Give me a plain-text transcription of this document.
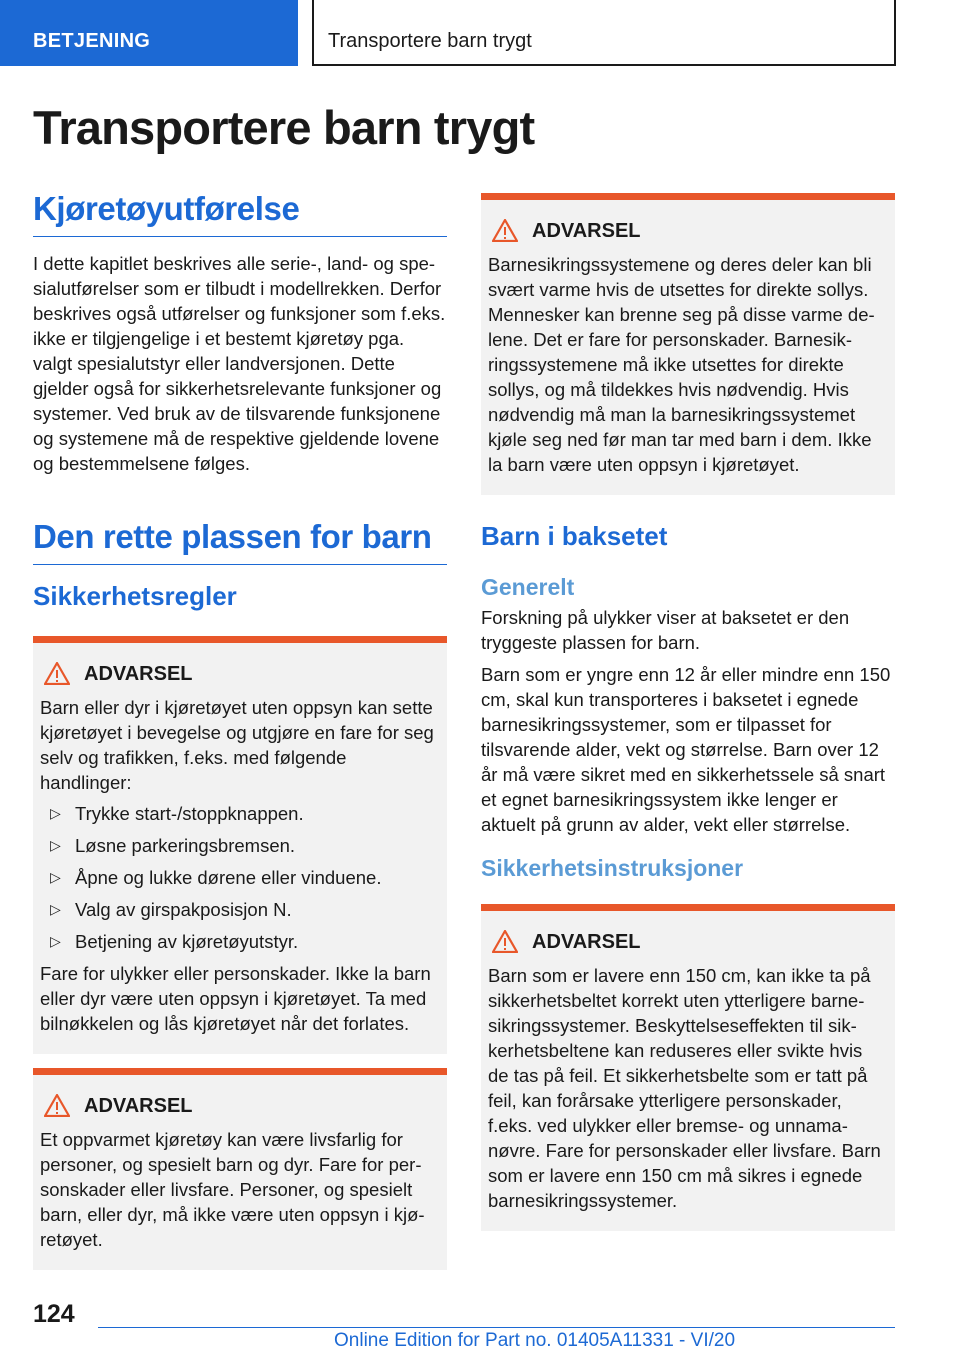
BETJENING	Transportere barn trygt
Transportere barn trygt
Kjøretøyutførelse

I dette kapitlet beskrives alle serie-, land- og spesialutførelser som er tilbudt i modellrekken. Derfor beskrives også utførelser og funksjoner som f.eks. ikke er tilgjengelige i et bestemt kjøretøy pga. valgt spesialutstyr eller landversjonen. Dette gjelder også for sikkerhetsrelevante funksjoner og systemer. Ved bruk av de tilsvarende funksjonene og systemene må de respektive gjeldende lovene og bestemmelsene følges.

Den rette plassen for barn
Sikkerhetsregler
ADVARSEL

Barn eller dyr i kjøretøyet uten oppsyn kan sette kjøretøyet i bevegelse og utgjøre en fare for seg selv og trafikken, f.eks. med følgende handlinger:

▷ Trykke start-/stoppknappen.
▷ Løsne parkeringsbremsen.
▷ Åpne og lukke dørene eller vinduene.
▷ Valg av girspakposisjon N.
▷ Betjening av kjøretøyutstyr.

Fare for ulykker eller personskader. Ikke la barn eller dyr være uten oppsyn i kjøretøyet. Ta med bilnøkkelen og lås kjøretøyet når det forlates.

ADVARSEL

Et oppvarmet kjøretøy kan være livsfarlig for personer, og spesielt barn og dyr. Fare for personskader eller livsfare. Personer, og spesielt barn, eller dyr, må ikke være uten oppsyn i kjøretøyet.

ADVARSEL

Barnesikringssystemene og deres deler kan bli svært varme hvis de utsettes for direkte sollys. Mennesker kan brenne seg på disse varme delene. Det er fare for personskader. Barnesikringssystemene må ikke utsettes for direkte sollys, og må tildekkes hvis nødvendig. Hvis nødvendig må man la barnesikringssystemet kjøle seg ned før man tar med barn i dem. Ikke la barn være uten oppsyn i kjøretøyet.

Barn i baksetet
Generelt

Forskning på ulykker viser at baksetet er den tryggeste plassen for barn.

Barn som er yngre enn 12 år eller mindre enn 150 cm, skal kun transporteres i baksetet i egnede barnesikringssystemer, som er tilpasset for tilsvarende alder, vekt og størrelse. Barn over 12 år må være sikret med en sikkerhetssele så snart et egnet barnesikringssystem ikke lenger er aktuelt på grunn av alder, vekt eller størrelse.

Sikkerhetsinstruksjoner
ADVARSEL

Barn som er lavere enn 150 cm, kan ikke ta på sikkerhetsbeltet korrekt uten ytterligere barnesikringssystemer. Beskyttelseseffekten til sikkerhetsbeltene kan reduseres eller svikte hvis de tas på feil. Et sikkerhetsbelte som er tatt på feil, kan forårsake ytterligere personskader, f.eks. ved ulykker eller bremse- og unnamanøvre. Fare for personskader eller livsfare. Barn som er lavere enn 150 cm må sikres i egnede barnesikringssystemer.

124
Online Edition for Part no. 01405A11331 - VI/20
